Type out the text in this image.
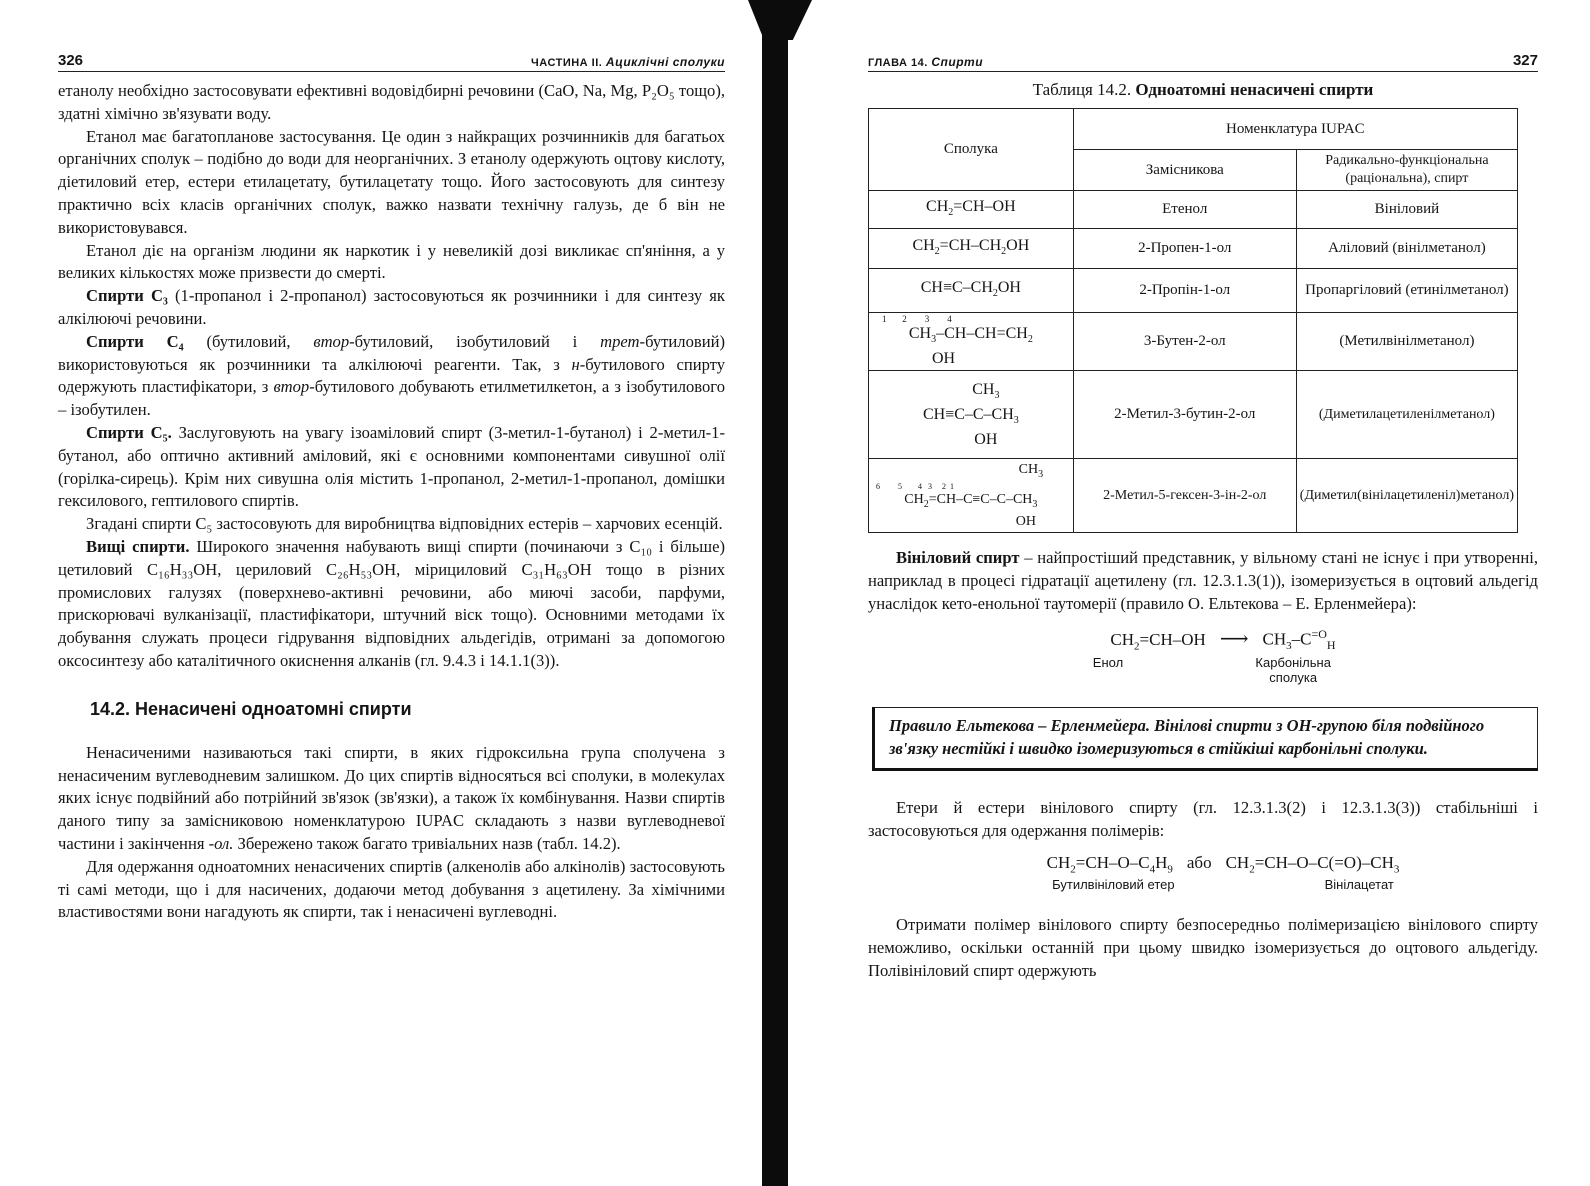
326	ЧАСТИНА ІІ. Ациклічні сполуки

етанолу необхідно застосовувати ефективні водовідбирні речовини (CaO, Na, Mg, P₂O₅ тощо), здатні хімічно зв'язувати воду.

Етанол має багатопланове застосування. Це один з найкращих розчинників для багатьох органічних сполук – подібно до води для неорганічних. З етанолу одержують оцтову кислоту, діетиловий етер, естери етилацетату, бутилацетату тощо. Його застосовують для синтезу практично всіх класів органічних сполук, важко назвати технічну галузь, де б він не використовувався.

Етанол діє на організм людини як наркотик і у невеликій дозі викликає сп'яніння, а у великих кількостях може призвести до смерті.

Спирти C₃ (1-пропанол і 2-пропанол) застосовуються як розчинники і для синтезу як алкілюючі речовини.

Спирти C₄ (бутиловий, втор-бутиловий, ізобутиловий і трет-бутиловий) використовуються як розчинники та алкілюючі реагенти. Так, з н-бутилового спирту одержують пластифікатори, з втор-бутилового добувають етилметилкетон, а з ізобутилового – ізобутилен.

Спирти C₅. Заслуговують на увагу ізоаміловий спирт (3-метил-1-бутанол) і 2-метил-1-бутанол, або оптично активний аміловий, які є основними компонентами сивушної олії (горілка-сирець). Крім них сивушна олія містить 1-пропанол, 2-метил-1-пропанол, домішки гексилового, гептилового спиртів.

Згадані спирти C₅ застосовують для виробництва відповідних естерів – харчових есенцій.

Вищі спирти. Широкого значення набувають вищі спирти (починаючи з C₁₀ і більше) цетиловий C₁₆H₃₃OH, цериловий C₂₆H₅₃OH, мірициловий C₃₁H₆₃OH тощо в різних промислових галузях (поверхнево-активні речовини, або миючі засоби, парфуми, прискорювачі вулканізації, пластифікатори, штучний віск тощо). Основними методами їх добування служать процеси гідрування відповідних альдегідів, отримані за допомогою оксосинтезу або каталітичного окиснення алканів (гл. 9.4.3 і 14.1.1(3)).

14.2. Ненасичені одноатомні спирти

Ненасиченими називаються такі спирти, в яких гідроксильна група сполучена з ненасиченим вуглеводневим залишком. До цих спиртів відносяться всі сполуки, в молекулах яких існує подвійний або потрійний зв'язок (зв'язки), а також їх комбінування. Назви спиртів даного типу за замісниковою номенклатурою IUPAC складають з назви вуглеводневої частини і закінчення -ол. Збережено також багато тривіальних назв (табл. 14.2).

Для одержання одноатомних ненасичених спиртів (алкенолів або алкінолів) застосовують ті самі методи, що і для насичених, додаючи метод добування з ацетилену. За хімічними властивостями вони нагадують як спирти, так і ненасичені вуглеводні.

ГЛАВА 14. Спирти	327
Таблиця 14.2. Одноатомні ненасичені спирти
Сполука	Номенклатура IUPAC	
	Замісникова	Радикально-функціональна (раціональна), спирт
$CH_2=CH-OH$	Етенол	Вініловий
$CH_2=CH-CH_2OH$	2-Пропен-1-ол	Аліловий (вінілметанол)
$CH\equiv C-CH_2OH$	2-Пропін-1-ол	Пропаргіловий (етинілметанол)

1       2        3        4
$CH_3-CH-CH=CH_2$
OH	3-Бутен-2-ол	(Метилвінілметанол)

$CH_3$
$CH\equiv C-C-CH_3$
OH	2-Метил-3-бутин-2-ол	(Диметилацетиленілметанол)

$CH_3$
6         5        4   3     2  1
$CH_2=CH-C\equiv C-C-CH_3$
OH	2-Метил-5-гексен-3-ін-2-ол	(Диметил(вінілацетиленіл)метанол)

Вініловий спирт – найпростіший представник, у вільному стані не існує і при утворенні, наприклад в процесі гідратації ацетилену (гл. 12.3.1.3(1)), ізомеризується в оцтовий альдегід унаслідок кето-енольної таутомерії (правило О. Ельтекова – Е. Ерленмейера):

$CH_2=CH-OH$ ⟶ $CH_3-C^{=O}_H$
Енол	Карбонільна сполука
Правило Ельтекова – Ерленмейера. Вінілові спирти з OH-групою біля подвійного зв'язку нестійкі і швидко ізомеризуються в стійкіші карбонільні сполуки.

Етери й естери вінілового спирту (гл. 12.3.1.3(2) і 12.3.1.3(3)) стабільніші і застосовуються для одержання полімерів:

$CH_2=CH-O-C_4H_9$ або $CH_2=CH-O-C(=O)-CH_3$
Бутилвініловий етер	Вінілацетат

Отримати полімер вінілового спирту безпосередньо полімеризацією вінілового спирту неможливо, оскільки останній при цьому швидко ізомеризується до оцтового альдегіду. Полівініловий спирт одержують
